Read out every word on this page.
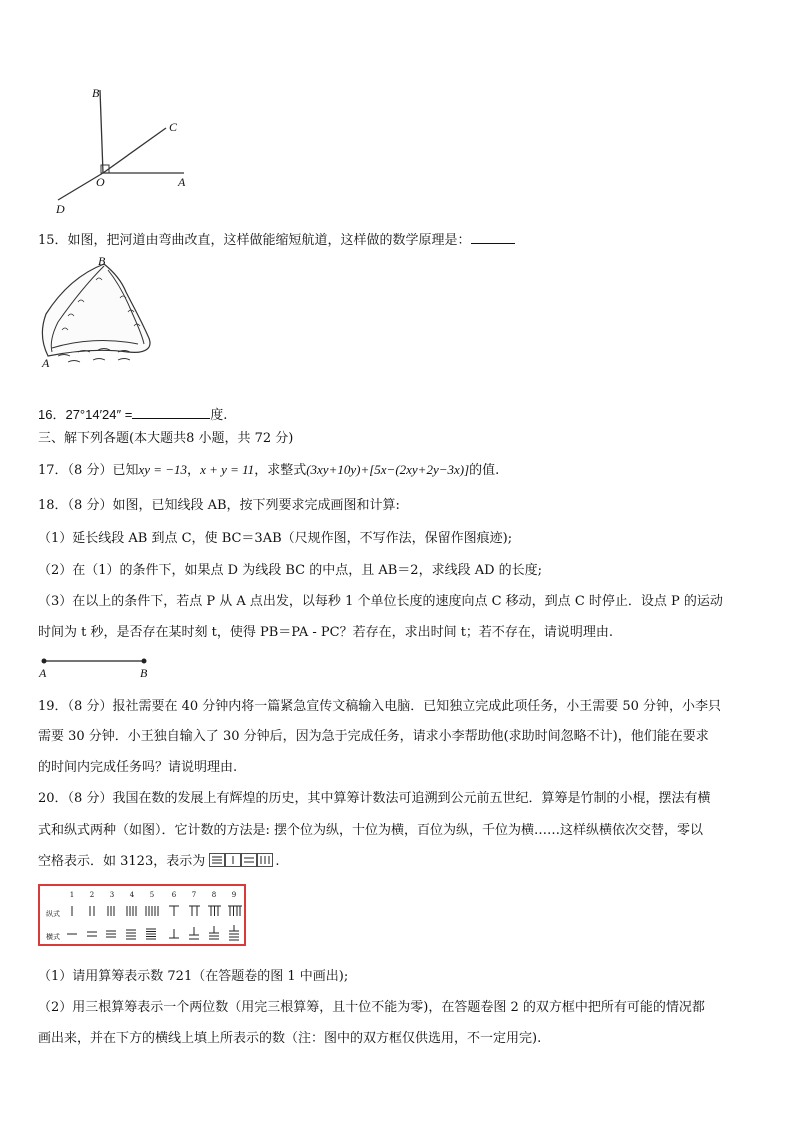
B
C
O	A
D
15．如图，把河道由弯曲改直，这样做能缩短航道，这样做的数学原理是：
B
A
16．27°14′24″ =	度.
三、解下列各题(本大题共8 小题，共 72 分)
17．（8 分）已知xy = −13，x + y = 11，求整式(3xy+10y)+[5x−(2xy+2y−3x)]的值.
18．（8 分）如图，已知线段 AB，按下列要求完成画图和计算:
（1）延长线段 AB 到点 C，使 BC＝3AB（尺规作图，不写作法，保留作图痕迹);
（2）在（1）的条件下，如果点 D 为线段 BC 的中点，且 AB＝2，求线段 AD 的长度;
（3）在以上的条件下，若点 P 从 A 点出发，以每秒 1 个单位长度的速度向点 C 移动，到点 C 时停止．设点 P 的运动
时间为 t 秒，是否存在某时刻 t，使得 PB＝PA - PC？若存在，求出时间 t；若不存在，请说明理由.
A	B
19．（8 分）报社需要在 40 分钟内将一篇紧急宣传文稿输入电脑．已知独立完成此项任务，小王需要 50 分钟，小李只
需要 30 分钟．小王独自输入了 30 分钟后，因为急于完成任务，请求小李帮助他(求助时间忽略不计)，他们能在要求
的时间内完成任务吗？请说明理由.
20．（8 分）我国在数的发展上有辉煌的历史，其中算筹计数法可追溯到公元前五世纪．算筹是竹制的小棍，摆法有横
式和纵式两种（如图）．它计数的方法是: 摆个位为纵，十位为横，百位为纵，千位为横……这样纵横依次交替，零以
空格表示．如 3123，表示为	.
1	2	3	4	5	6	7	8	9
纵式
横式
（1）请用算筹表示数 721（在答题卷的图 1 中画出);
（2）用三根算筹表示一个两位数（用完三根算筹，且十位不能为零)，在答题卷图 2 的双方框中把所有可能的情况都
画出来，并在下方的横线上填上所表示的数（注：图中的双方框仅供选用，不一定用完).
